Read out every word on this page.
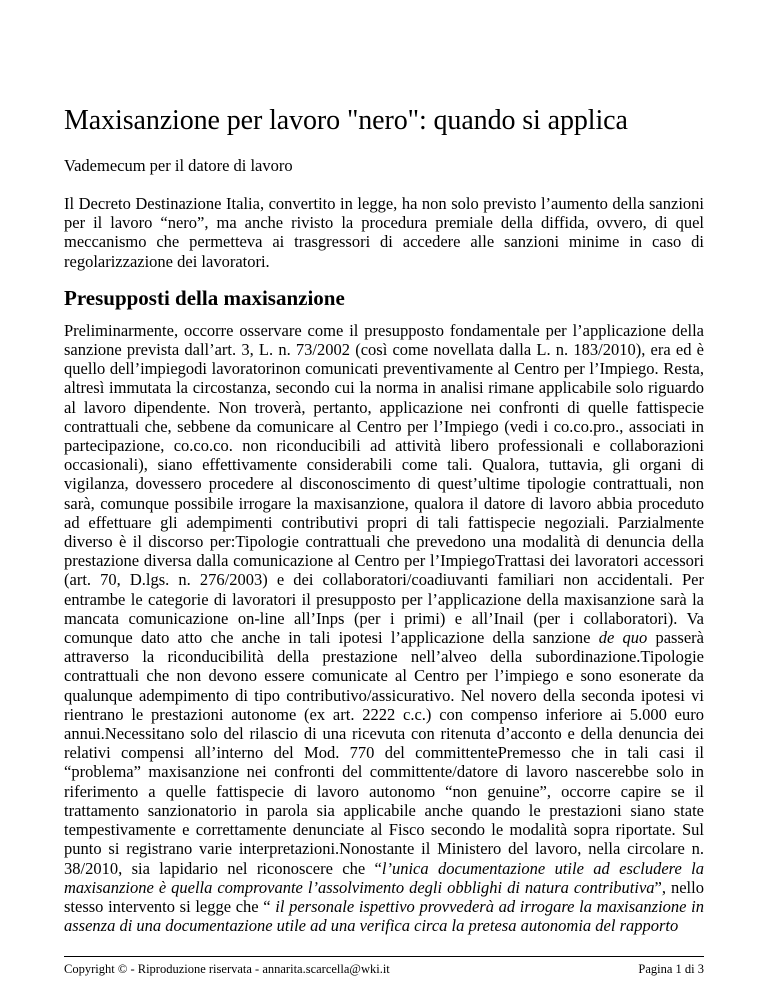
Maxisanzione per lavoro "nero": quando si applica

Vademecum per il datore di lavoro

Il Decreto Destinazione Italia, convertito in legge, ha non solo previsto l’aumento della sanzioni per il lavoro “nero”, ma anche rivisto la procedura premiale della diffida, ovvero, di quel meccanismo che permetteva ai trasgressori di accedere alle sanzioni minime in caso di regolarizzazione dei lavoratori.

Presupposti della maxisanzione

Preliminarmente, occorre osservare come il presupposto fondamentale per l’applicazione della sanzione prevista dall’art. 3, L. n. 73/2002 (così come novellata dalla L. n. 183/2010), era ed è quello dell’impiegodi lavoratorinon comunicati preventivamente al Centro per l’Impiego. Resta, altresì immutata la circostanza, secondo cui la norma in analisi rimane applicabile solo riguardo al lavoro dipendente. Non troverà, pertanto, applicazione nei confronti di quelle fattispecie contrattuali che, sebbene da comunicare al Centro per l’Impiego (vedi i co.co.pro., associati in partecipazione, co.co.co. non riconducibili ad attività libero professionali e collaborazioni occasionali), siano effettivamente considerabili come tali. Qualora, tuttavia, gli organi di vigilanza, dovessero procedere al disconoscimento di quest’ultime tipologie contrattuali, non sarà, comunque possibile irrogare la maxisanzione, qualora il datore di lavoro abbia proceduto ad effettuare gli adempimenti contributivi propri di tali fattispecie negoziali. Parzialmente diverso è il discorso per:Tipologie contrattuali che prevedono una modalità di denuncia della prestazione diversa dalla comunicazione al Centro per l’ImpiegoTrattasi dei lavoratori accessori (art. 70, D.lgs. n. 276/2003) e dei collaboratori/coadiuvanti familiari non accidentali. Per entrambe le categorie di lavoratori il presupposto per l’applicazione della maxisanzione sarà la mancata comunicazione on-line all’Inps (per i primi) e all’Inail (per i collaboratori). Va comunque dato atto che anche in tali ipotesi l’applicazione della sanzione de quo passerà attraverso la riconducibilità della prestazione nell’alveo della subordinazione.Tipologie contrattuali che non devono essere comunicate al Centro per l’impiego e sono esonerate da qualunque adempimento di tipo contributivo/assicurativo. Nel novero della seconda ipotesi vi rientrano le prestazioni autonome (ex art. 2222 c.c.) con compenso inferiore ai 5.000 euro annui.Necessitano solo del rilascio di una ricevuta con ritenuta d’acconto e della denuncia dei relativi compensi all’interno del Mod. 770 del committentePremesso che in tali casi il “problema” maxisanzione nei confronti del committente/datore di lavoro nascerebbe solo in riferimento a quelle fattispecie di lavoro autonomo “non genuine”, occorre capire se il trattamento sanzionatorio in parola sia applicabile anche quando le prestazioni siano state tempestivamente e correttamente denunciate al Fisco secondo le modalità sopra riportate. Sul punto si registrano varie interpretazioni.Nonostante il Ministero del lavoro, nella circolare n. 38/2010, sia lapidario nel riconoscere che “l’unica documentazione utile ad escludere la maxisanzione è quella comprovante l’assolvimento degli obblighi di natura contributiva”, nello stesso intervento si legge che “ il personale ispettivo provvederà ad irrogare la maxisanzione in assenza di una documentazione utile ad una verifica circa la pretesa autonomia del rapporto

Copyright © - Riproduzione riservata - annarita.scarcella@wki.it	Pagina 1 di 3
